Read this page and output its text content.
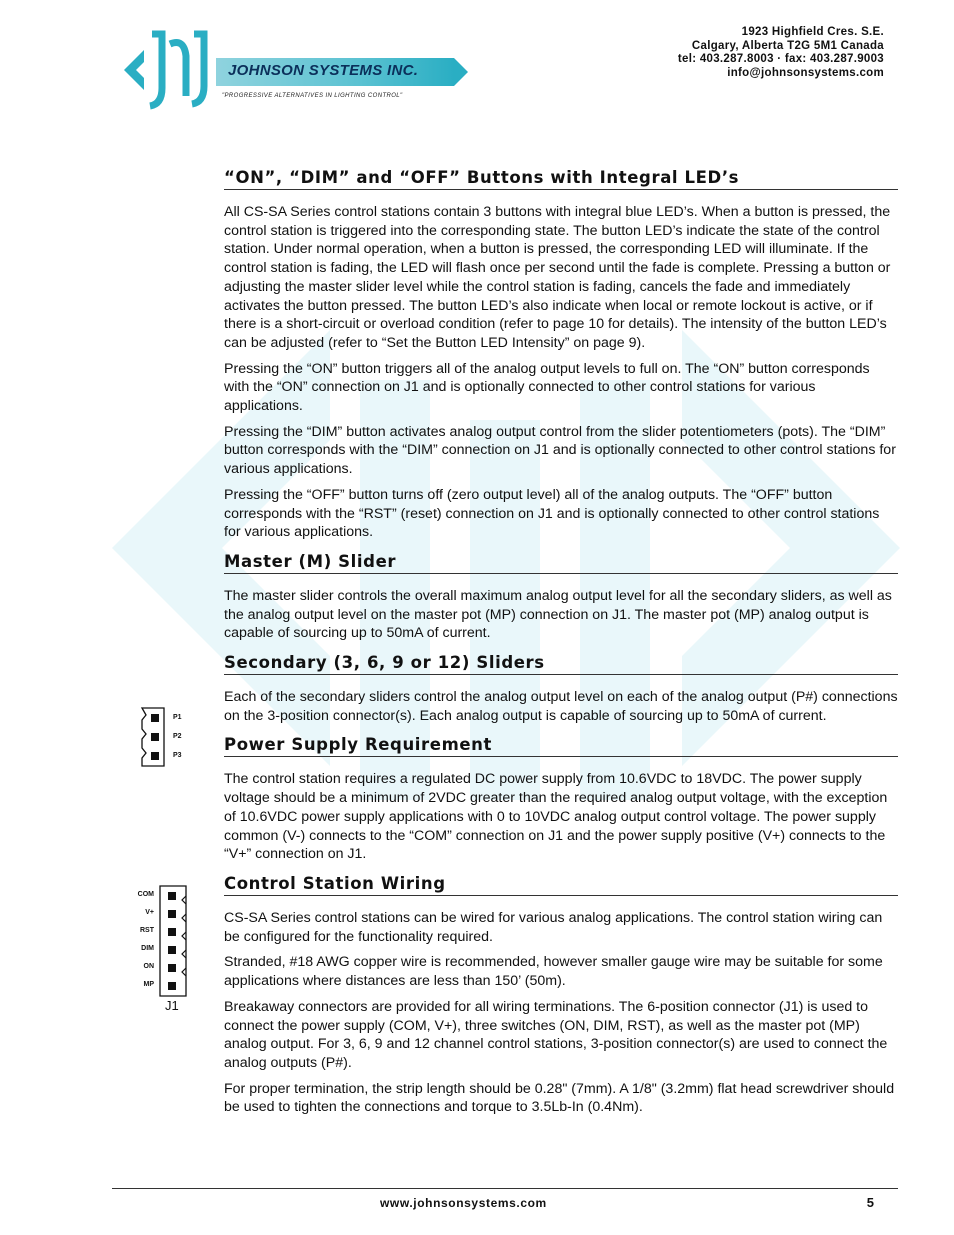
JOHNSON SYSTEMS INC.
"PROGRESSIVE ALTERNATIVES IN LIGHTING CONTROL"
1923 Highfield Cres. S.E.
Calgary, Alberta T2G 5M1 Canada
tel: 403.287.8003 · fax: 403.287.9003
info@johnsonsystems.com
“ON”, “DIM” and “OFF” Buttons with Integral LED’s

All CS-SA Series control stations contain 3 buttons with integral blue LED’s. When a button is pressed, the control station is triggered into the corresponding state. The button LED’s indicate the state of the control station. Under normal operation, when a button is pressed, the corresponding LED will illuminate. If the control station is fading, the LED will flash once per second until the fade is complete. Pressing a button or adjusting the master slider level while the control station is fading, cancels the fade and immediately activates the button pressed. The button LED’s also indicate when local or remote lockout is active, or if there is a short-circuit or overload condition (refer to page 10 for details). The intensity of the button LED’s can be adjusted (refer to “Set the Button LED Intensity” on page 9).

Pressing the “ON” button triggers all of the analog output levels to full on. The “ON” button corresponds with the “ON” connection on J1 and is optionally connected to other control stations for various applications.

Pressing the “DIM” button activates analog output control from the slider potentiometers (pots). The “DIM” button corresponds with the “DIM” connection on J1 and is optionally connected to other control stations for various applications.

Pressing the “OFF” button turns off (zero output level) all of the analog outputs. The “OFF” button corresponds with the “RST” (reset) connection on J1 and is optionally connected to other control stations for various applications.

Master (M) Slider

The master slider controls the overall maximum analog output level for all the secondary sliders, as well as the analog output level on the master pot (MP) connection on J1. The master pot (MP) analog output is capable of sourcing up to 50mA of current.

Secondary (3, 6, 9 or 12) Sliders

Each of the secondary sliders control the analog output level on each of the analog output (P#) connections on the 3-position connector(s). Each analog output is capable of sourcing up to 50mA of current.

Power Supply Requirement

The control station requires a regulated DC power supply from 10.6VDC to 18VDC. The power supply voltage should be a minimum of 2VDC greater than the required analog output voltage, with the exception of 10.6VDC power supply applications with 0 to 10VDC analog output control voltage. The power supply common (V-) connects to the “COM” connection on J1 and the power supply positive (V+) connects to the “V+” connection on J1.

Control Station Wiring

CS-SA Series control stations can be wired for various analog applications. The control station wiring can be configured for the functionality required.

Stranded, #18 AWG copper wire is recommended, however smaller gauge wire may be suitable for some applications where distances are less than 150’ (50m).

Breakaway connectors are provided for all wiring terminations. The 6-position connector (J1) is used to connect the power supply (COM, V+), three switches (ON, DIM, RST), as well as the master pot (MP) analog output. For 3, 6, 9 and 12 channel control stations, 3-position connector(s) are used to connect the analog outputs (P#).

For proper termination, the strip length should be 0.28" (7mm). A 1/8" (3.2mm) flat head screwdriver should be used to tighten the connections and torque to 3.5Lb-In (0.4Nm).

P1
P2
P3
COM
V+
RST
DIM
ON
MP
J1
www.johnsonsystems.com	5
